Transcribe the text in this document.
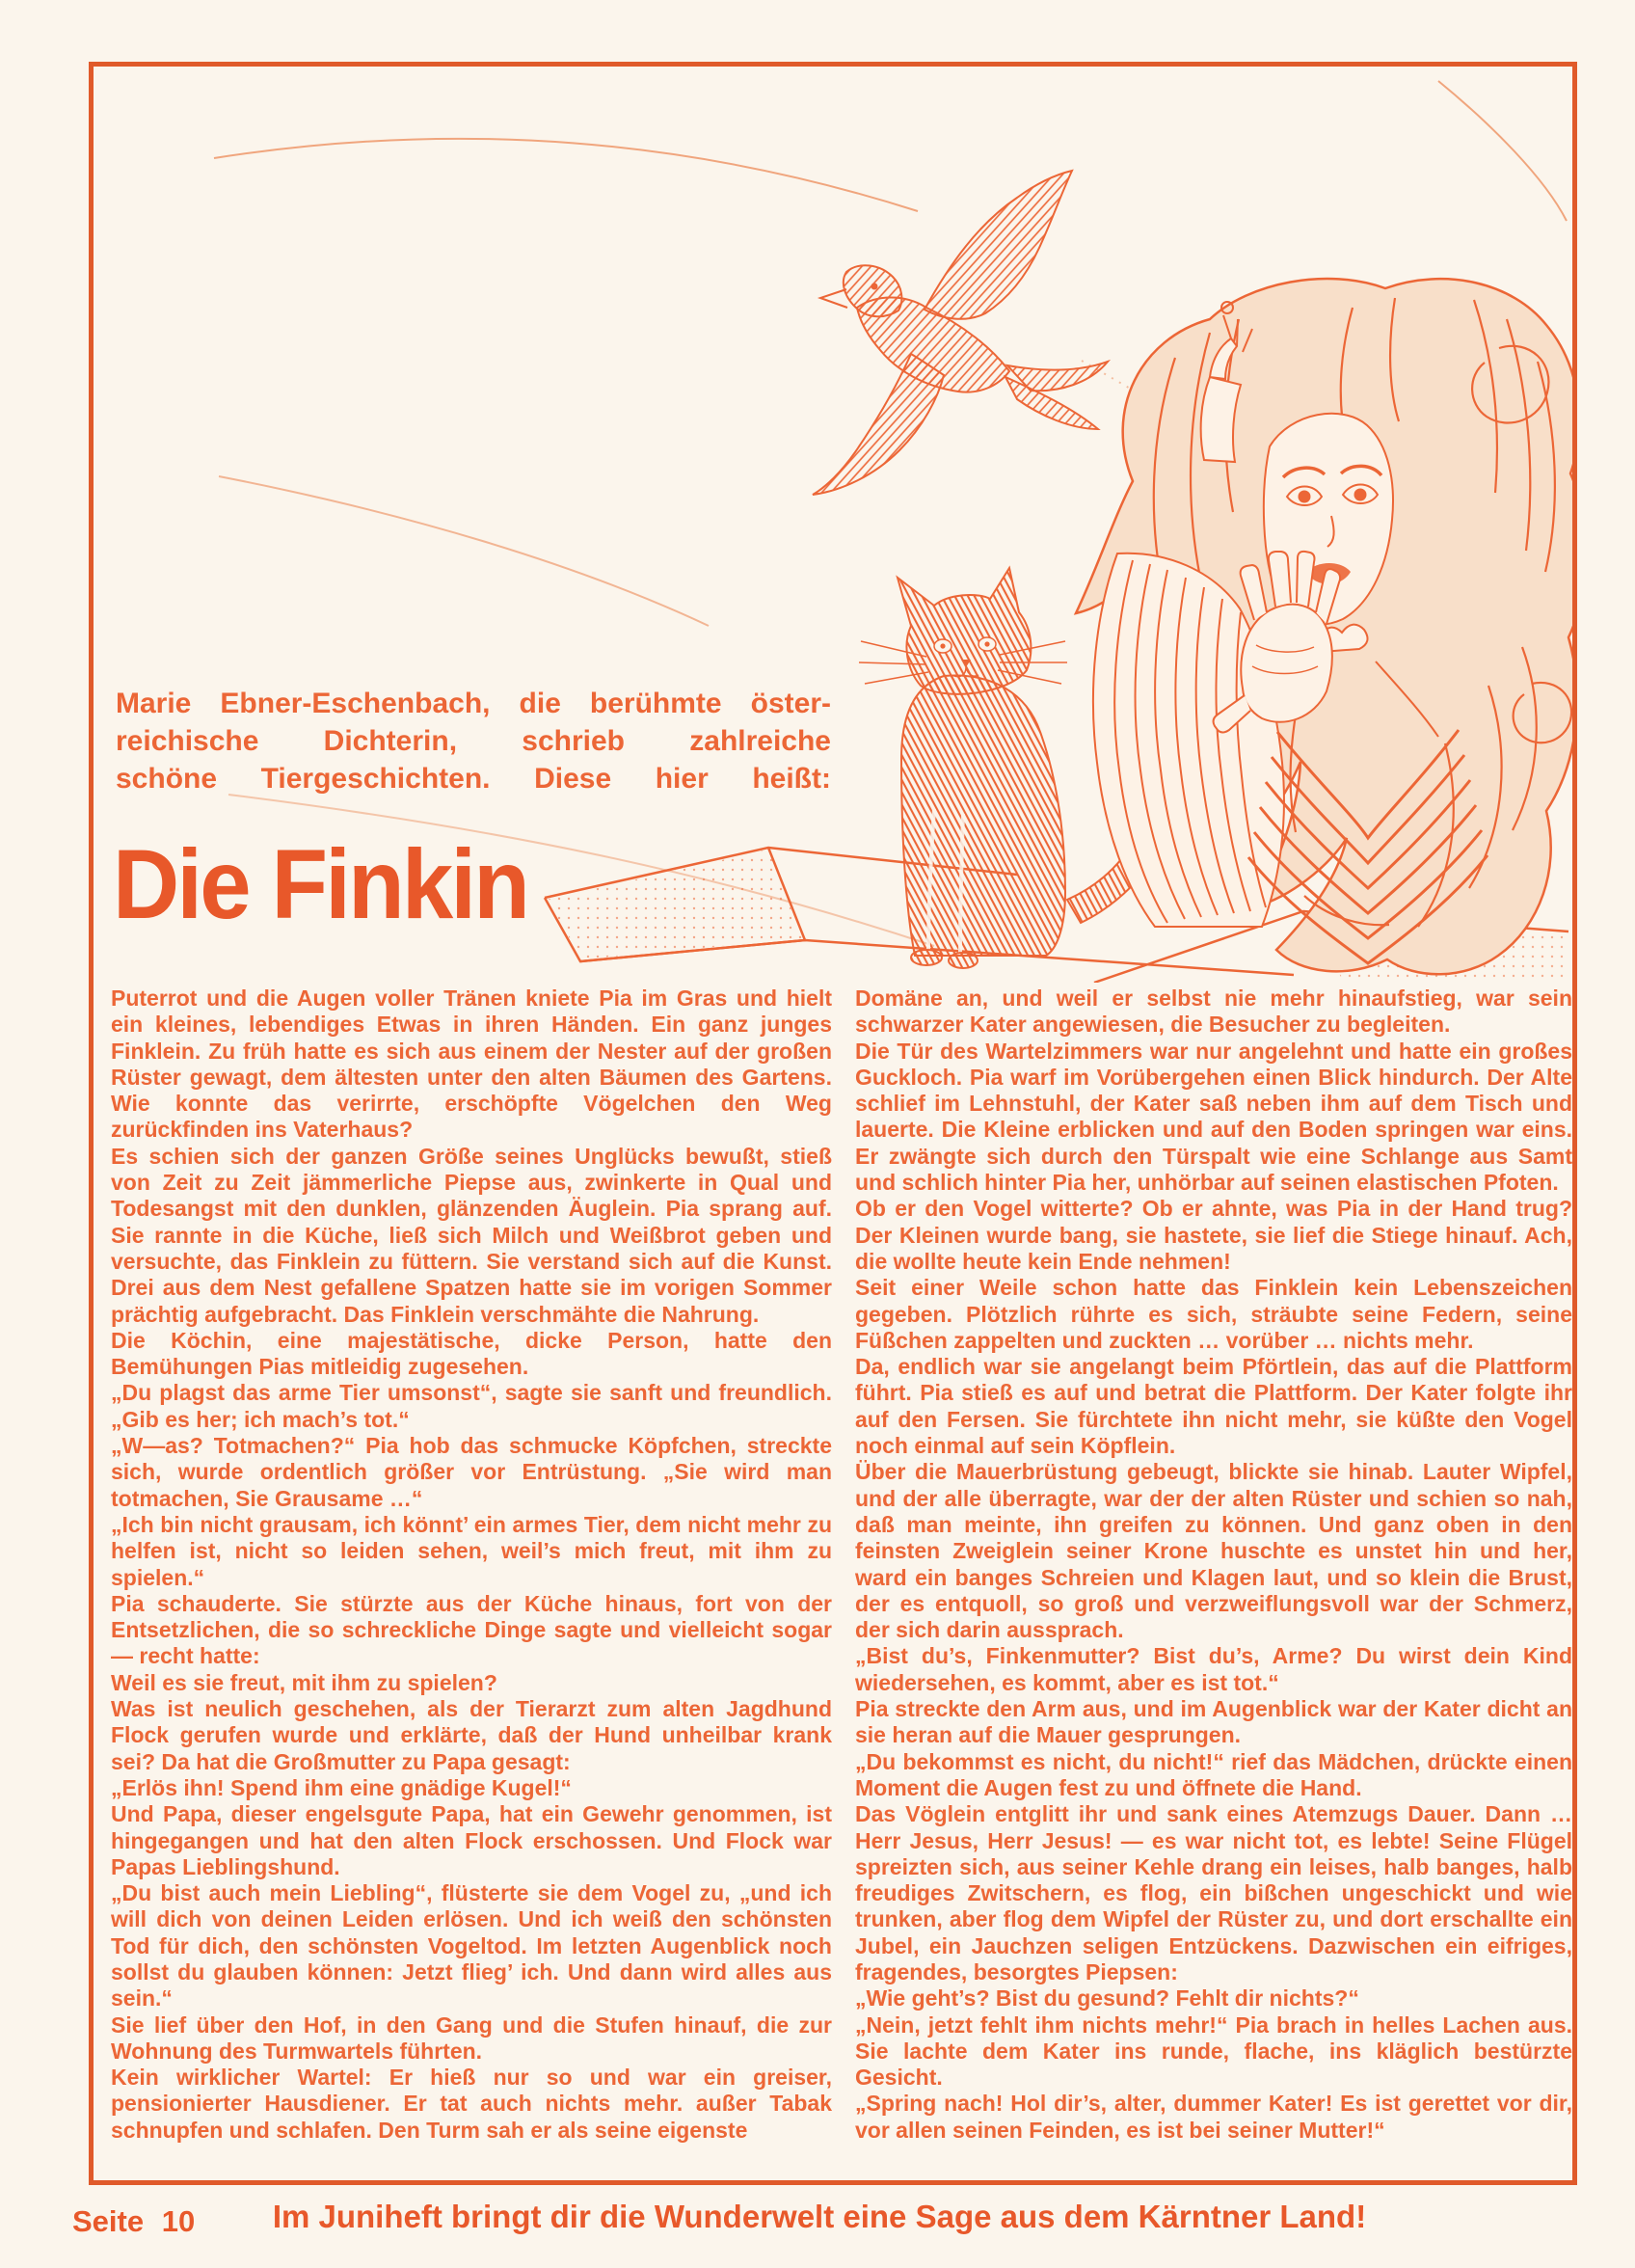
Marie Ebner-Eschenbach, die berühmte öster-
reichische Dichterin, schrieb zahlreiche
schöne Tiergeschichten. Diese hier heißt:
Die Finkin
Puterrot und die Augen voller Tränen kniete Pia im Gras und hielt ein kleines, lebendiges Etwas in ihren Händen. Ein ganz junges Finklein. Zu früh hatte es sich aus einem der Nester auf der großen Rüster gewagt, dem ältesten unter den alten Bäumen des Gartens. Wie konnte das verirrte, erschöpfte Vögelchen den Weg zurückfinden ins Vaterhaus?
Es schien sich der ganzen Größe seines Unglücks bewußt, stieß von Zeit zu Zeit jämmerliche Piepse aus, zwinkerte in Qual und Todesangst mit den dunklen, glänzenden Äuglein. Pia sprang auf. Sie rannte in die Küche, ließ sich Milch und Weißbrot geben und versuchte, das Finklein zu füttern. Sie verstand sich auf die Kunst. Drei aus dem Nest gefallene Spatzen hatte sie im vorigen Sommer prächtig aufgebracht. Das Finklein verschmähte die Nahrung.
Die Köchin, eine majestätische, dicke Person, hatte den Bemühungen Pias mitleidig zugesehen.
„Du plagst das arme Tier umsonst“, sagte sie sanft und freundlich. „Gib es her; ich mach’s tot.“
„W—as? Totmachen?“ Pia hob das schmucke Köpfchen, streckte sich, wurde ordentlich größer vor Entrüstung. „Sie wird man totmachen, Sie Grausame …“
„Ich bin nicht grausam, ich könnt’ ein armes Tier, dem nicht mehr zu helfen ist, nicht so leiden sehen, weil’s mich freut, mit ihm zu spielen.“
Pia schauderte. Sie stürzte aus der Küche hinaus, fort von der Entsetzlichen, die so schreckliche Dinge sagte und vielleicht sogar — recht hatte:
Weil es sie freut, mit ihm zu spielen?
Was ist neulich geschehen, als der Tierarzt zum alten Jagdhund Flock gerufen wurde und erklärte, daß der Hund unheilbar krank sei? Da hat die Großmutter zu Papa gesagt:
„Erlös ihn! Spend ihm eine gnädige Kugel!“
Und Papa, dieser engelsgute Papa, hat ein Gewehr genommen, ist hingegangen und hat den alten Flock erschossen. Und Flock war Papas Lieblingshund.
„Du bist auch mein Liebling“, flüsterte sie dem Vogel zu, „und ich will dich von deinen Leiden erlösen. Und ich weiß den schönsten Tod für dich, den schönsten Vogeltod. Im letzten Augenblick noch sollst du glauben können: Jetzt flieg’ ich. Und dann wird alles aus sein.“
Sie lief über den Hof, in den Gang und die Stufen hinauf, die zur Wohnung des Turmwartels führten.
Kein wirklicher Wartel: Er hieß nur so und war ein greiser, pensionierter Hausdiener. Er tat auch nichts mehr. außer Tabak schnupfen und schlafen. Den Turm sah er als seine eigenste
Domäne an, und weil er selbst nie mehr hinaufstieg, war sein schwarzer Kater angewiesen, die Besucher zu begleiten.
Die Tür des Wartelzimmers war nur angelehnt und hatte ein großes Guckloch. Pia warf im Vorübergehen einen Blick hindurch. Der Alte schlief im Lehnstuhl, der Kater saß neben ihm auf dem Tisch und lauerte. Die Kleine erblicken und auf den Boden springen war eins. Er zwängte sich durch den Türspalt wie eine Schlange aus Samt und schlich hinter Pia her, unhörbar auf seinen elastischen Pfoten.
Ob er den Vogel witterte? Ob er ahnte, was Pia in der Hand trug? Der Kleinen wurde bang, sie hastete, sie lief die Stiege hinauf. Ach, die wollte heute kein Ende nehmen!
Seit einer Weile schon hatte das Finklein kein Lebenszeichen gegeben. Plötzlich rührte es sich, sträubte seine Federn, seine Füßchen zappelten und zuckten … vorüber … nichts mehr.
Da, endlich war sie angelangt beim Pförtlein, das auf die Plattform führt. Pia stieß es auf und betrat die Plattform. Der Kater folgte ihr auf den Fersen. Sie fürchtete ihn nicht mehr, sie küßte den Vogel noch einmal auf sein Köpflein.
Über die Mauerbrüstung gebeugt, blickte sie hinab. Lauter Wipfel, und der alle überragte, war der der alten Rüster und schien so nah, daß man meinte, ihn greifen zu können. Und ganz oben in den feinsten Zweiglein seiner Krone huschte es unstet hin und her, ward ein banges Schreien und Klagen laut, und so klein die Brust, der es entquoll, so groß und verzweiflungsvoll war der Schmerz, der sich darin aussprach.
„Bist du’s, Finkenmutter? Bist du’s, Arme? Du wirst dein Kind wiedersehen, es kommt, aber es ist tot.“
Pia streckte den Arm aus, und im Augenblick war der Kater dicht an sie heran auf die Mauer gesprungen.
„Du bekommst es nicht, du nicht!“ rief das Mädchen, drückte einen Moment die Augen fest zu und öffnete die Hand.
Das Vöglein entglitt ihr und sank eines Atemzugs Dauer. Dann … Herr Jesus, Herr Jesus! — es war nicht tot, es lebte! Seine Flügel spreizten sich, aus seiner Kehle drang ein leises, halb banges, halb freudiges Zwitschern, es flog, ein bißchen ungeschickt und wie trunken, aber flog dem Wipfel der Rüster zu, und dort erschallte ein Jubel, ein Jauchzen seligen Entzückens. Dazwischen ein eifriges, fragendes, besorgtes Piepsen:
„Wie geht’s? Bist du gesund? Fehlt dir nichts?“
„Nein, jetzt fehlt ihm nichts mehr!“ Pia brach in helles Lachen aus. Sie lachte dem Kater ins runde, flache, ins kläglich bestürzte Gesicht.
„Spring nach! Hol dir’s, alter, dummer Kater! Es ist gerettet vor dir, vor allen seinen Feinden, es ist bei seiner Mutter!“
Seite 10	Im Juniheft bringt dir die Wunderwelt eine Sage aus dem Kärntner Land!
